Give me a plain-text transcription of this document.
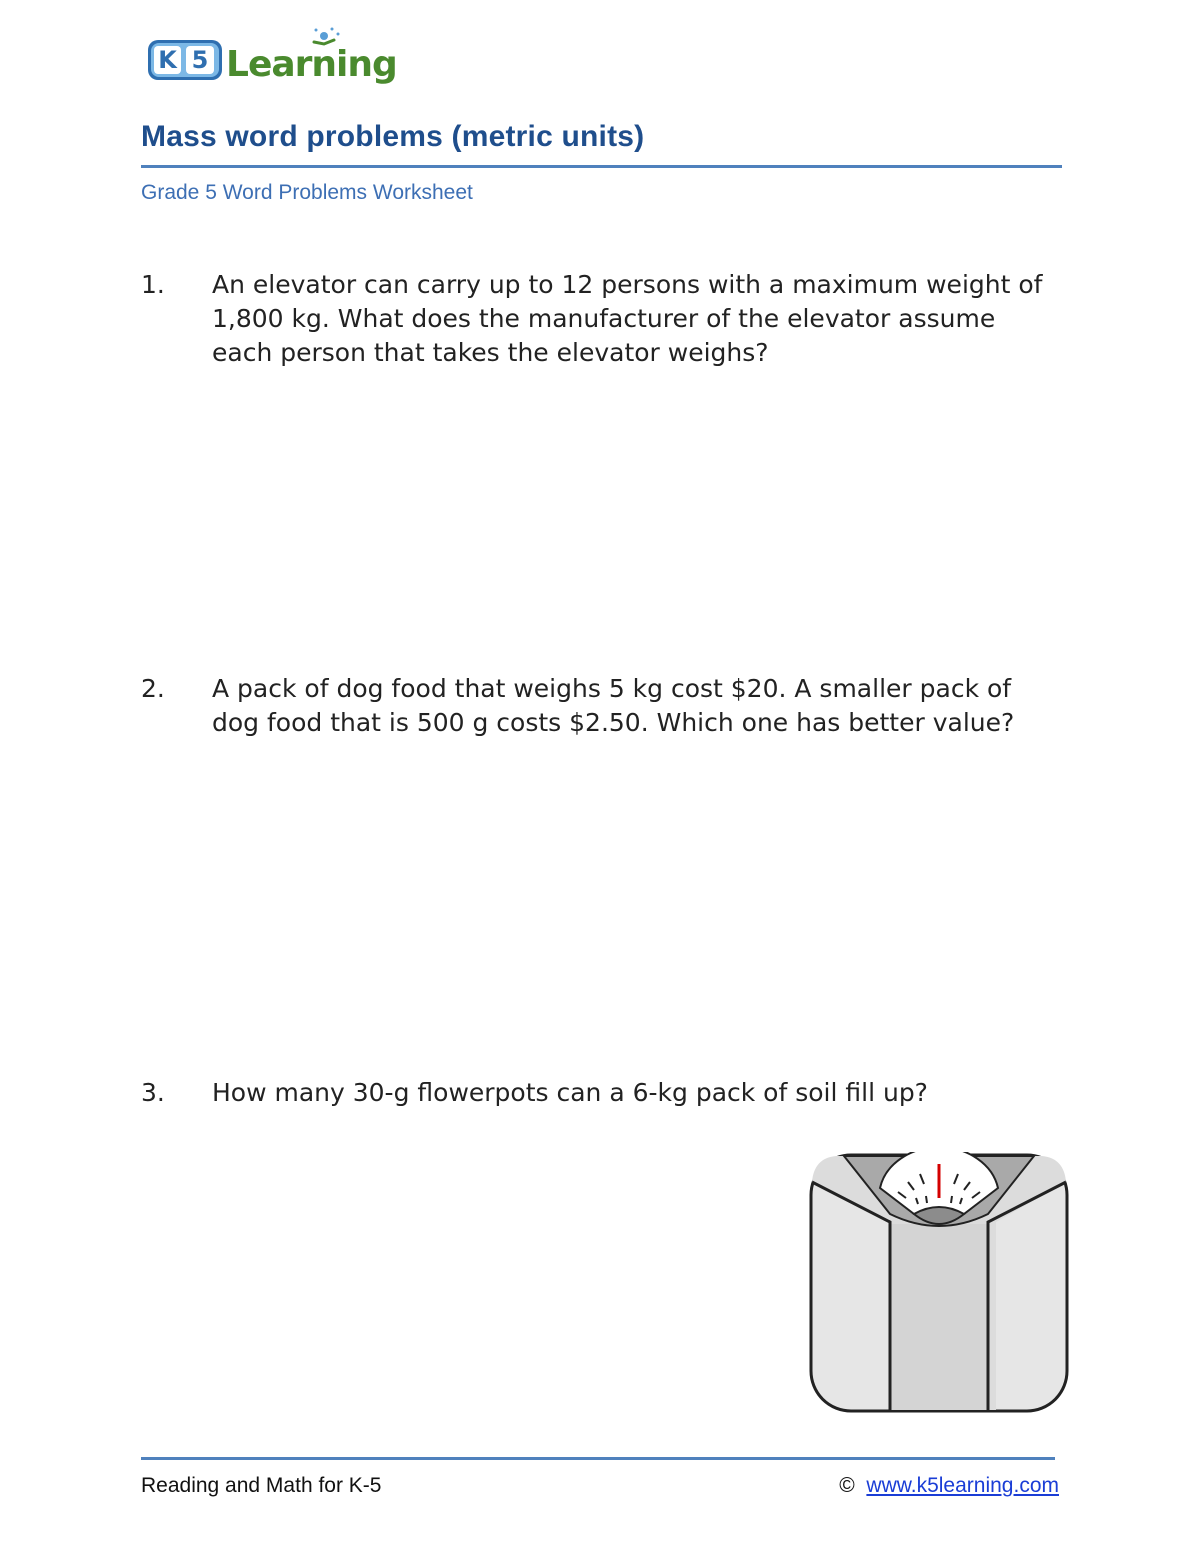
K 5 Learning
Mass word problems (metric units)
Grade 5 Word Problems Worksheet
1.	An elevator can carry up to 12 persons with a maximum weight of 1,800 kg. What does the manufacturer of the elevator assume each person that takes the elevator weighs?
2.	A pack of dog food that weighs 5 kg cost $20. A smaller pack of dog food that is 500 g costs $2.50. Which one has better value?
3.	How many 30-g flowerpots can a 6-kg pack of soil fill up?
Reading and Math for K-5	© www.k5learning.com
